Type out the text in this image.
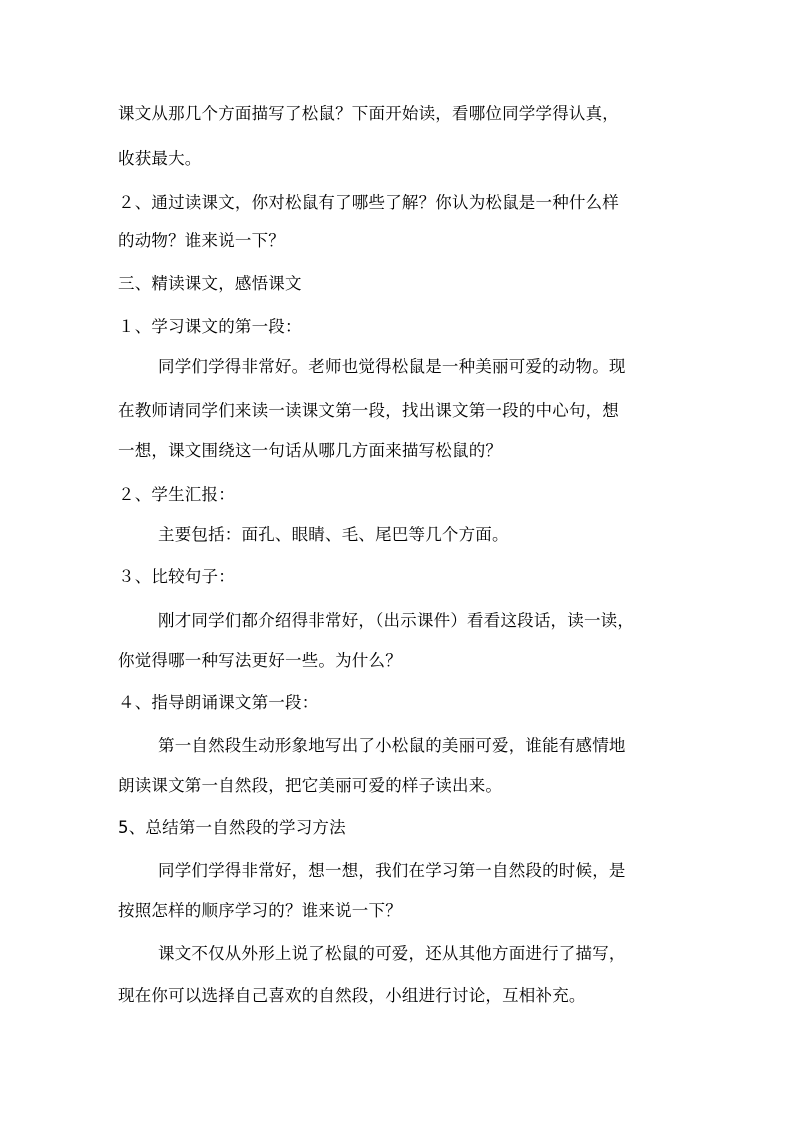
课文从那几个方面描写了松鼠？下面开始读，看哪位同学学得认真，
收获最大。
２、通过读课文，你对松鼠有了哪些了解？你认为松鼠是一种什么样
的动物？谁来说一下？
三、精读课文，感悟课文
１、学习课文的第一段：
同学们学得非常好。老师也觉得松鼠是一种美丽可爱的动物。现
在教师请同学们来读一读课文第一段，找出课文第一段的中心句，想
一想，课文围绕这一句话从哪几方面来描写松鼠的？
２、学生汇报：
主要包括：面孔、眼睛、毛、尾巴等几个方面。
３、比较句子：
刚才同学们都介绍得非常好，（出示课件）看看这段话，读一读，
你觉得哪一种写法更好一些。为什么？
４、指导朗诵课文第一段：
第一自然段生动形象地写出了小松鼠的美丽可爱，谁能有感情地
朗读课文第一自然段，把它美丽可爱的样子读出来。
5、总结第一自然段的学习方法
同学们学得非常好，想一想，我们在学习第一自然段的时候，是
按照怎样的顺序学习的？谁来说一下？
课文不仅从外形上说了松鼠的可爱，还从其他方面进行了描写，
现在你可以选择自己喜欢的自然段，小组进行讨论，互相补充。
